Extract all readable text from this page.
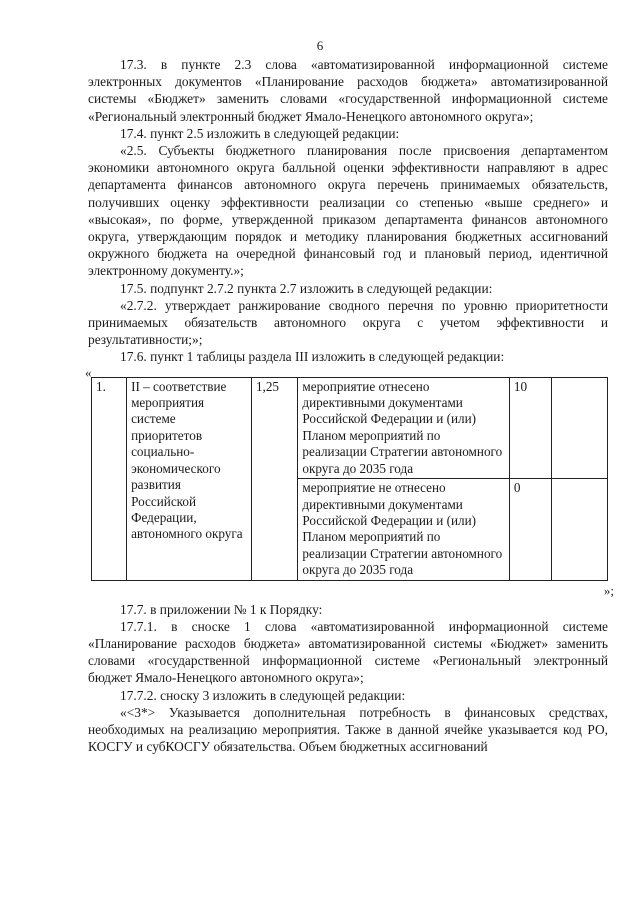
6

17.3. в пункте 2.3 слова «автоматизированной информационной системе электронных документов «Планирование расходов бюджета» автоматизированной системы «Бюджет» заменить словами «государственной информационной системе «Региональный электронный бюджет Ямало-Ненецкого автономного округа»;

17.4. пункт 2.5 изложить в следующей редакции:

«2.5. Субъекты бюджетного планирования после присвоения департаментом экономики автономного округа балльной оценки эффективности направляют в адрес департамента финансов автономного округа перечень принимаемых обязательств, получивших оценку эффективности реализации со степенью «выше среднего» и «высокая», по форме, утвержденной приказом департамента финансов автономного округа, утверждающим порядок и методику планирования бюджетных ассигнований окружного бюджета на очередной финансовый год и плановый период, идентичной электронному документу.»;

17.5. подпункт 2.7.2 пункта 2.7 изложить в следующей редакции:

«2.7.2. утверждает ранжирование сводного перечня по уровню приоритетности принимаемых обязательств автономного округа с учетом эффективности и результативности;»;

17.6. пункт 1 таблицы раздела III изложить в следующей редакции:

«
1.	II – соответствие мероприятия системе приоритетов социально-экономического развития Российской Федерации, автономного округа	1,25	мероприятие отнесено директивными документами Российской Федерации и (или) Планом мероприятий по реализации Стратегии автономного округа до 2035 года	10	
			мероприятие не отнесено директивными документами Российской Федерации и (или) Планом мероприятий по реализации Стратегии автономного округа до 2035 года	0	
»;

17.7. в приложении № 1 к Порядку:

17.7.1. в сноске 1 слова «автоматизированной информационной системе «Планирование расходов бюджета» автоматизированной системы «Бюджет» заменить словами «государственной информационной системе «Региональный электронный бюджет Ямало-Ненецкого автономного округа»;

17.7.2. сноску 3 изложить в следующей редакции:

«<3*> Указывается дополнительная потребность в финансовых средствах, необходимых на реализацию мероприятия. Также в данной ячейке указывается код РО, КОСГУ и субКОСГУ обязательства. Объем бюджетных ассигнований
